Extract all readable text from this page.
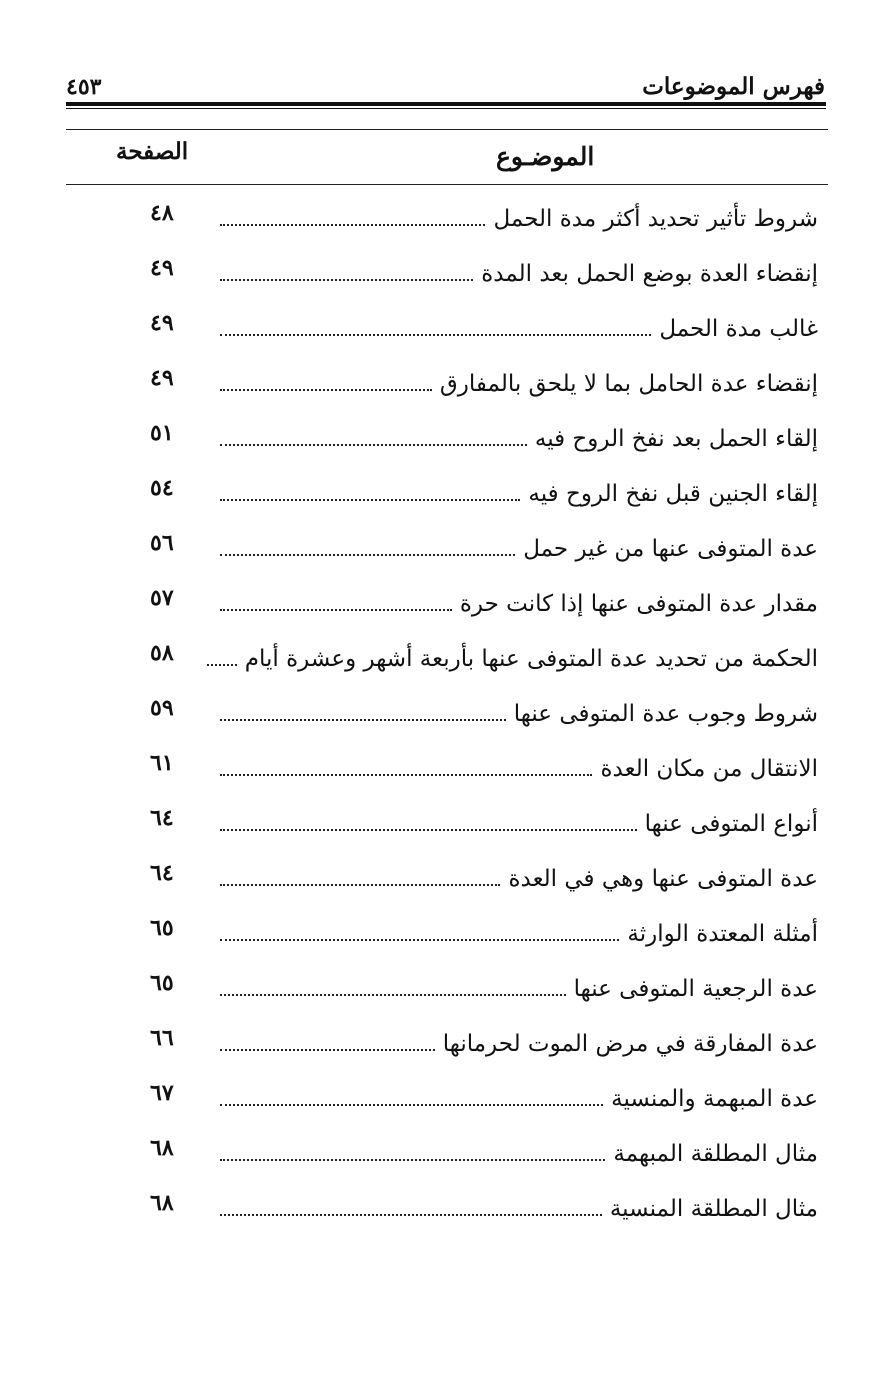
فهرس الموضوعات
٤٥٣
الموضـوع
الصفحة
شروط تأثير تحديد أكثر مدة الحمل
٤٨
إنقضاء العدة بوضع الحمل بعد المدة
٤٩
غالب مدة الحمل
٤٩
إنقضاء عدة الحامل بما لا يلحق بالمفارق
٤٩
إلقاء الحمل بعد نفخ الروح فيه
٥١
إلقاء الجنين قبل نفخ الروح فيه
٥٤
عدة المتوفى عنها من غير حمل
٥٦
مقدار عدة المتوفى عنها إذا كانت حرة
٥٧
الحكمة من تحديد عدة المتوفى عنها بأربعة أشهر وعشرة أيام
٥٨
شروط وجوب عدة المتوفى عنها
٥٩
الانتقال من مكان العدة
٦١
أنواع المتوفى عنها
٦٤
عدة المتوفى عنها وهي في العدة
٦٤
أمثلة المعتدة الوارثة
٦٥
عدة الرجعية المتوفى عنها
٦٥
عدة المفارقة في مرض الموت لحرمانها
٦٦
عدة المبهمة والمنسية
٦٧
مثال المطلقة المبهمة
٦٨
مثال المطلقة المنسية
٦٨
